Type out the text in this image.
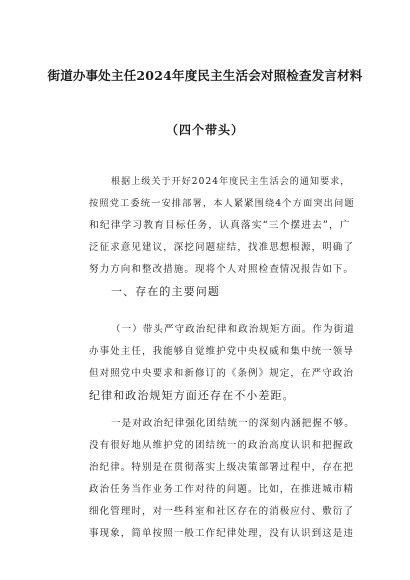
街道办事处主任2024年度民主生活会对照检查发言材料
（四个带头）
根据上级关于开好2024年度民主生活会的通知要求，
按照党工委统一安排部署，本人紧紧围绕4个方面突出问题
和纪律学习教育目标任务，认真落实“三个摆进去”，广
泛征求意见建议，深挖问题症结，找准思想根源，明确了
努力方向和整改措施。现将个人对照检查情况报告如下。
一、存在的主要问题
（一）带头严守政治纪律和政治规矩方面。作为街道
办事处主任，我能够自觉维护党中央权威和集中统一领导
但对照党中央要求和新修订的《条例》规定，在严守政治
纪律和政治规矩方面还存在不小差距。
一是对政治纪律强化团结统一的深刻内涵把握不够。
没有很好地从维护党的团结统一的政治高度认识和把握政
治纪律。特别是在贯彻落实上级决策部署过程中，存在把
政治任务当作业务工作对待的问题。比如，在推进城市精
细化管理时，对一些科室和社区存在的消极应付、敷衍了
事现象，简单按照一般工作纪律处理，没有认识到这是违
